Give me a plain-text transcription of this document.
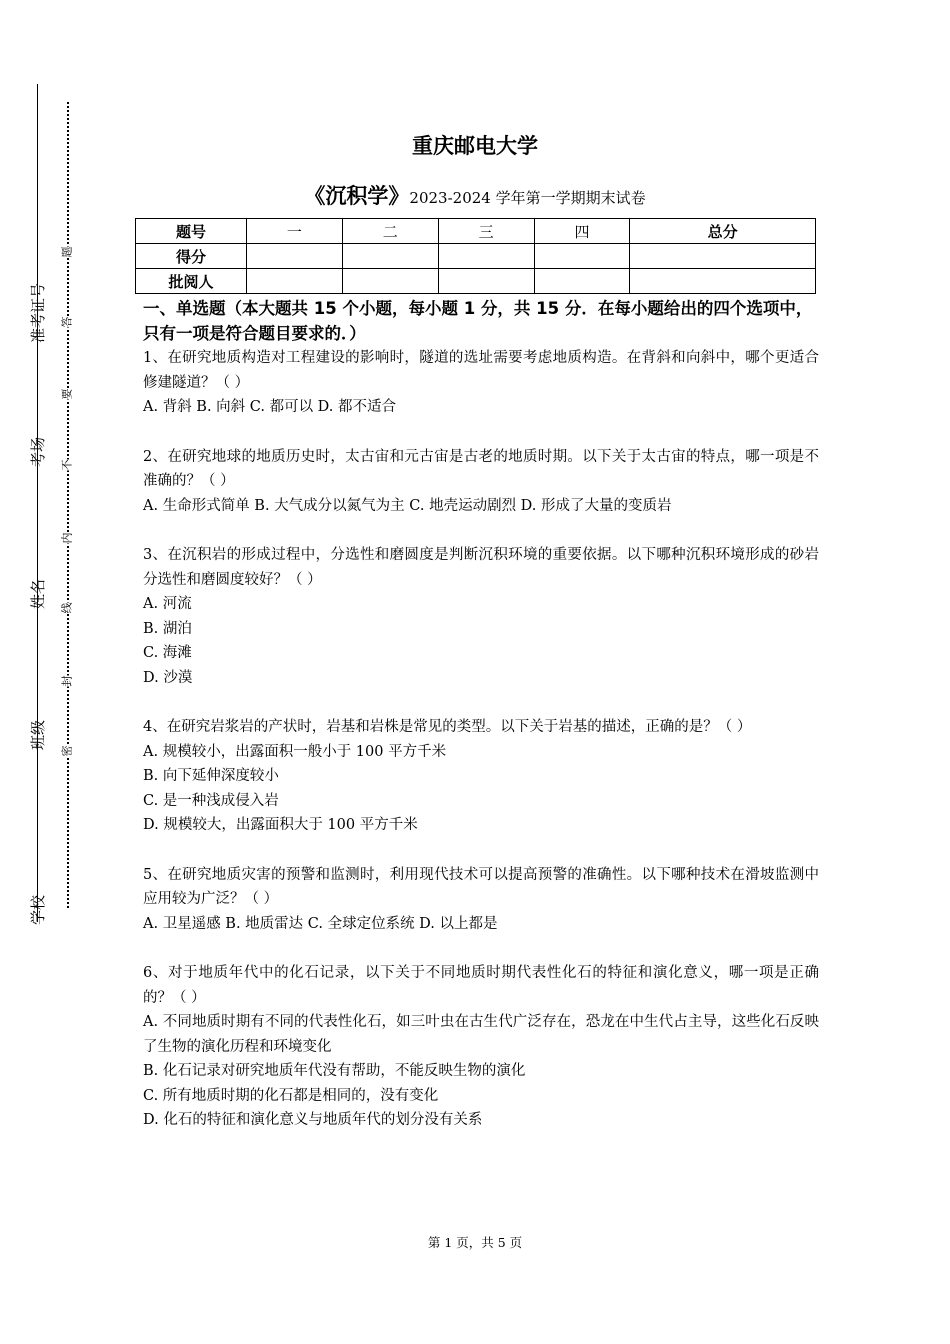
准考证号
考场
姓名
班级
学校
题
答
要
不
内
线
封
密
重庆邮电大学
《沉积学》2023-2024 学年第一学期期末试卷
题号	一	二	三	四	总分
得分					
批阅人					
一、单选题（本大题共 15 个小题，每小题 1 分，共 15 分．在每小题给出的四个选项中，只有一项是符合题目要求的．）
1、在研究地质构造对工程建设的影响时，隧道的选址需要考虑地质构造。在背斜和向斜中，哪个更适合修建隧道？（ ）
A. 背斜 B. 向斜 C. 都可以 D. 都不适合
2、在研究地球的地质历史时，太古宙和元古宙是古老的地质时期。以下关于太古宙的特点，哪一项是不准确的？（ ）
A. 生命形式简单 B. 大气成分以氮气为主 C. 地壳运动剧烈 D. 形成了大量的变质岩
3、在沉积岩的形成过程中，分选性和磨圆度是判断沉积环境的重要依据。以下哪种沉积环境形成的砂岩分选性和磨圆度较好？（ ）
A. 河流
B. 湖泊
C. 海滩
D. 沙漠
4、在研究岩浆岩的产状时，岩基和岩株是常见的类型。以下关于岩基的描述，正确的是？（ ）
A. 规模较小，出露面积一般小于 100 平方千米
B. 向下延伸深度较小
C. 是一种浅成侵入岩
D. 规模较大，出露面积大于 100 平方千米
5、在研究地质灾害的预警和监测时，利用现代技术可以提高预警的准确性。以下哪种技术在滑坡监测中应用较为广泛？（ ）
A. 卫星遥感 B. 地质雷达 C. 全球定位系统 D. 以上都是
6、对于地质年代中的化石记录，以下关于不同地质时期代表性化石的特征和演化意义，哪一项是正确的？（ ）
A. 不同地质时期有不同的代表性化石，如三叶虫在古生代广泛存在，恐龙在中生代占主导，这些化石反映了生物的演化历程和环境变化
B. 化石记录对研究地质年代没有帮助，不能反映生物的演化
C. 所有地质时期的化石都是相同的，没有变化
D. 化石的特征和演化意义与地质年代的划分没有关系
第 1 页，共 5 页
